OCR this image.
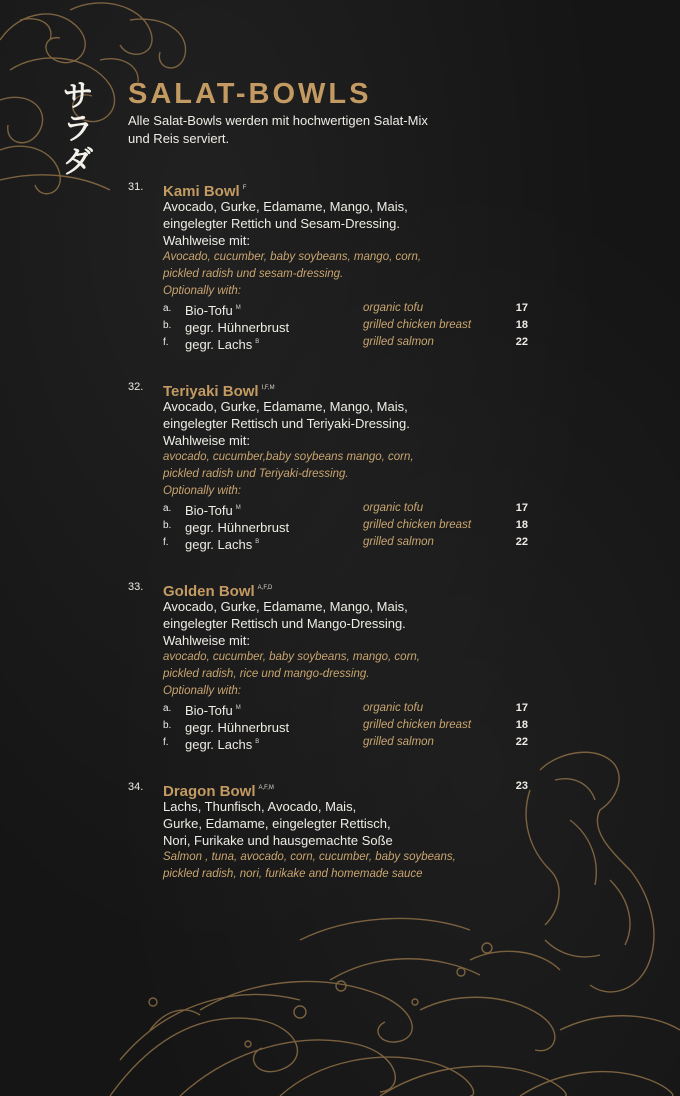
サ
ラ
ダ
SALAT-BOWLS
Alle Salat-Bowls werden mit hochwertigen Salat-Mix
und Reis serviert.
31. Kami Bowl $^F$
Avocado, Gurke, Edamame, Mango, Mais,
eingelegter Rettich und Sesam-Dressing.
Wahlweise mit:
Avocado, cucumber, baby soybeans, mango, corn,
pickled radish und sesam-dressing.
Optionally with:
a. Bio-Tofu $^M$	organic tofu	17
b. gegr. Hühnerbrust	grilled chicken breast	18
f. gegr. Lachs $^B$	grilled salmon	22
32. Teriyaki Bowl $^{I,F,M}$
Avocado, Gurke, Edamame, Mango, Mais,
eingelegter Rettisch und Teriyaki-Dressing.
Wahlweise mit:
avocado, cucumber,baby soybeans mango, corn,
pickled radish und Teriyaki-dressing.
Optionally with:
a. Bio-Tofu $^M$	organic tofu	17
b. gegr. Hühnerbrust	grilled chicken breast	18
f. gegr. Lachs $^B$	grilled salmon	22
33. Golden Bowl $^{A,F,D}$
Avocado, Gurke, Edamame, Mango, Mais,
eingelegter Rettisch und Mango-Dressing.
Wahlweise mit:
avocado, cucumber, baby soybeans, mango, corn,
pickled radish, rice und mango-dressing.
Optionally with:
a. Bio-Tofu $^M$	organic tofu	17
b. gegr. Hühnerbrust	grilled chicken breast	18
f. gegr. Lachs $^B$	grilled salmon	22
34.	23
Dragon Bowl $^{A,F,M}$
Lachs, Thunfisch, Avocado, Mais,
Gurke, Edamame, eingelegter Rettisch,
Nori, Furikake und hausgemachte Soße
Salmon , tuna, avocado, corn, cucumber, baby soybeans,
pickled radish, nori, furikake and homemade sauce
